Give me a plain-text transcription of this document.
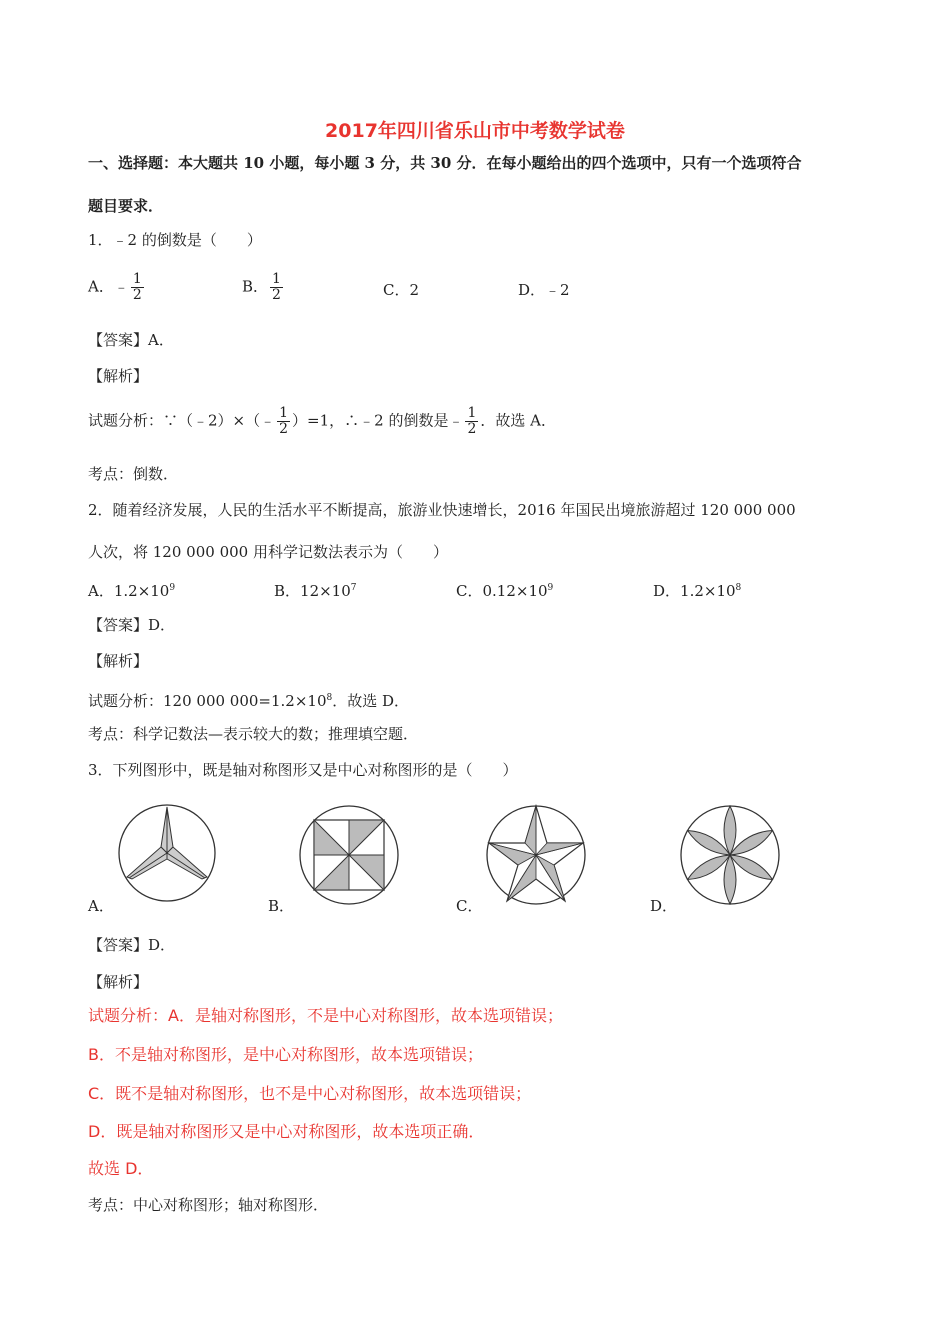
2017年四川省乐山市中考数学试卷
一、选择题：本大题共 10 小题，每小题 3 分，共 30 分．在每小题给出的四个选项中，只有一个选项符合
题目要求．
1．﹣2 的倒数是（　　）
A．﹣ $\frac{1}{2}$	B． $\frac{1}{2}$	C．2	D．﹣2
【答案】A．
【解析】
试题分析：∵（﹣2）×（﹣ $\frac{1}{2} )=1$，∴﹣2 的倒数是﹣ $\frac{1}{2}$ ．故选 A．
考点：倒数．
2．随着经济发展，人民的生活水平不断提高，旅游业快速增长，2016 年国民出境旅游超过 120 000 000
人次，将 120 000 000 用科学记数法表示为（　　）
A．$1.2\times 10^9$	B．$12\times 10^7$	C．$0.12\times 10^9$	D．$1.2\times 10^8$
【答案】D．
【解析】
试题分析：120 000 $000=1.2\times 10^8$．故选 D．
考点：科学记数法—表示较大的数；推理填空题．
3．下列图形中，既是轴对称图形又是中心对称图形的是（　　）
A．	B．	C．	D．
【答案】D．
【解析】
试题分析：A．是轴对称图形，不是中心对称图形，故本选项错误；
B．不是轴对称图形，是中心对称图形，故本选项错误；
C．既不是轴对称图形，也不是中心对称图形，故本选项错误；
D．既是轴对称图形又是中心对称图形，故本选项正确．
故选 D．
考点：中心对称图形；轴对称图形．
